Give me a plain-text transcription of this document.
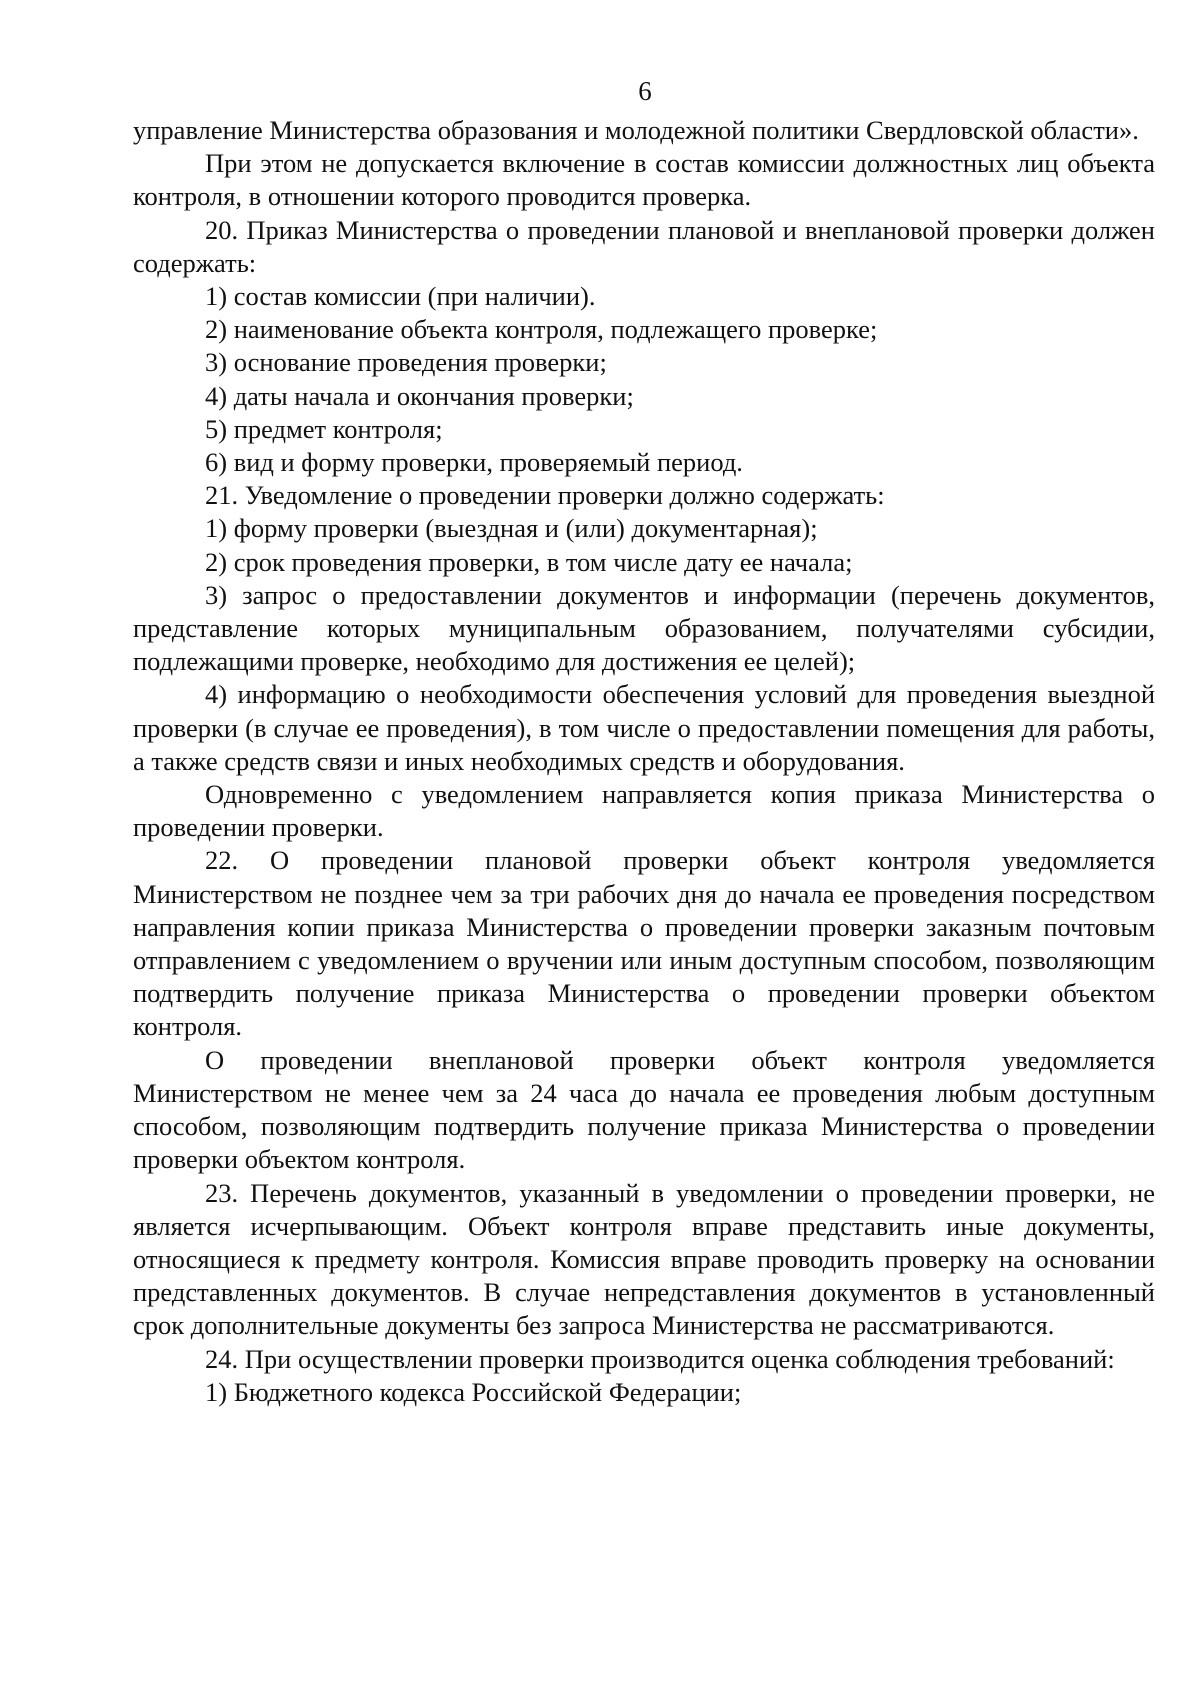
6

управление Министерства образования и молодежной политики Свердловской области».

При этом не допускается включение в состав комиссии должностных лиц объекта контроля, в отношении которого проводится проверка.

20. Приказ Министерства о проведении плановой и внеплановой проверки должен содержать:

1) состав комиссии (при наличии).

2) наименование объекта контроля, подлежащего проверке;

3) основание проведения проверки;

4) даты начала и окончания проверки;

5) предмет контроля;

6) вид и форму проверки, проверяемый период.

21. Уведомление о проведении проверки должно содержать:

1) форму проверки (выездная и (или) документарная);

2) срок проведения проверки, в том числе дату ее начала;

3) запрос о предоставлении документов и информации (перечень документов, представление которых муниципальным образованием, получателями субсидии, подлежащими проверке, необходимо для достижения ее целей);

4) информацию о необходимости обеспечения условий для проведения выездной проверки (в случае ее проведения), в том числе о предоставлении помещения для работы, а также средств связи и иных необходимых средств и оборудования.

Одновременно с уведомлением направляется копия приказа Министерства о проведении проверки.

22. О проведении плановой проверки объект контроля уведомляется Министерством не позднее чем за три рабочих дня до начала ее проведения посредством направления копии приказа Министерства о проведении проверки заказным почтовым отправлением с уведомлением о вручении или иным доступным способом, позволяющим подтвердить получение приказа Министерства о проведении проверки объектом контроля.

О проведении внеплановой проверки объект контроля уведомляется Министерством не менее чем за 24 часа до начала ее проведения любым доступным способом, позволяющим подтвердить получение приказа Министерства о проведении проверки объектом контроля.

23. Перечень документов, указанный в уведомлении о проведении проверки, не является исчерпывающим. Объект контроля вправе представить иные документы, относящиеся к предмету контроля. Комиссия вправе проводить проверку на основании представленных документов. В случае непредставления документов в установленный срок дополнительные документы без запроса Министерства не рассматриваются.

24. При осуществлении проверки производится оценка соблюдения требований:

1) Бюджетного кодекса Российской Федерации;
